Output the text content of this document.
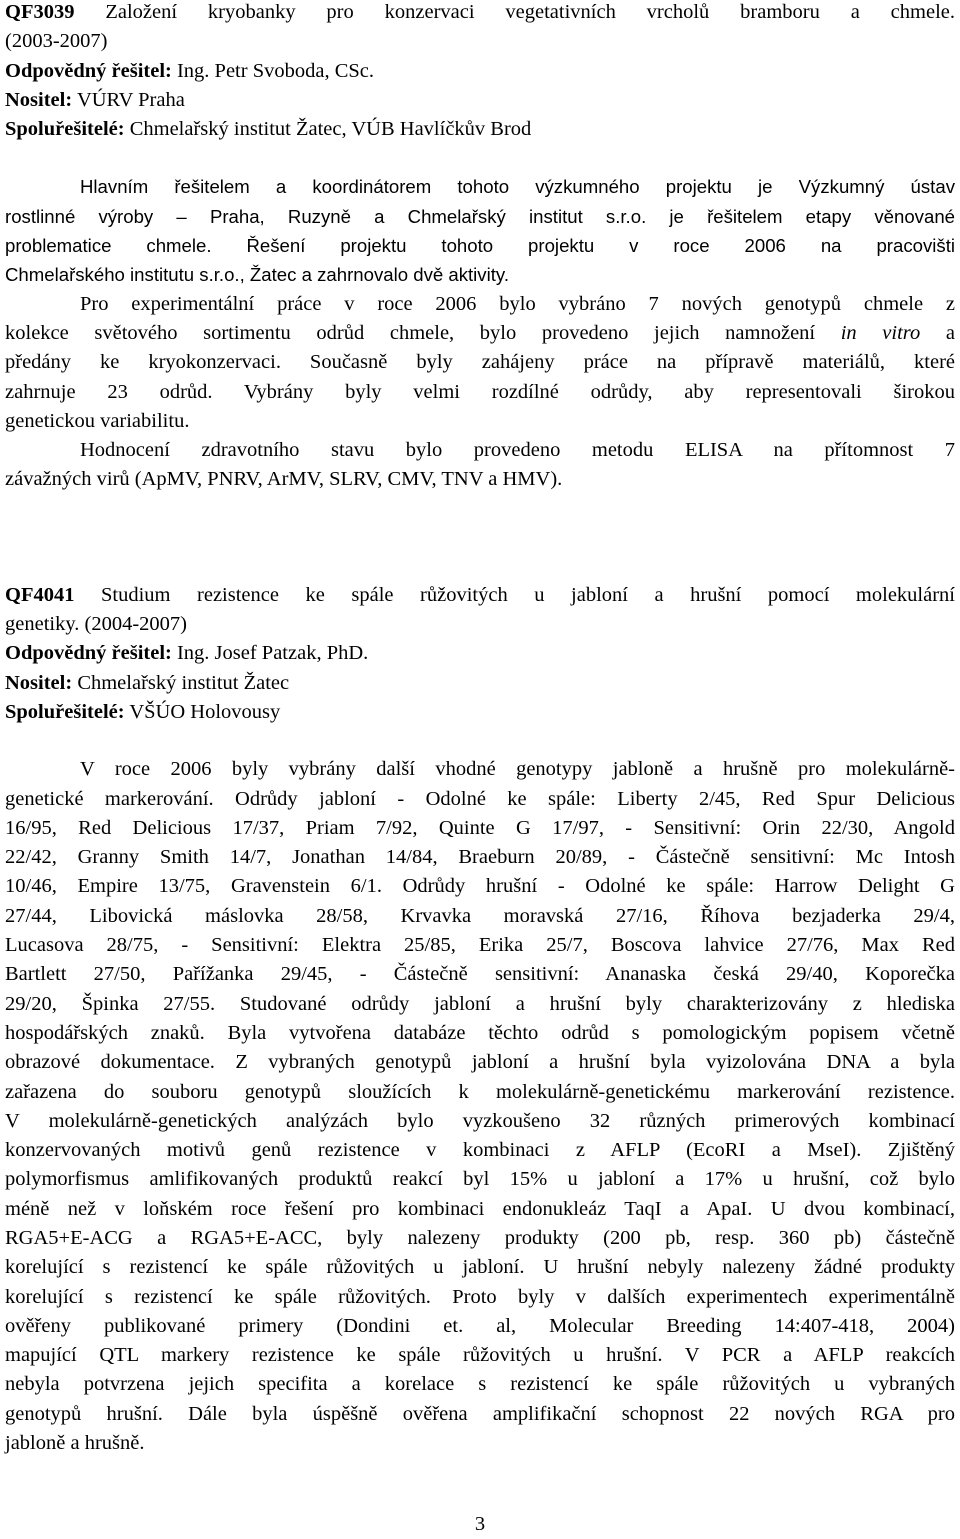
QF3039 Založení kryobanky pro konzervaci vegetativních vrcholů bramboru a chmele.
(2003-2007)
Odpovědný řešitel: Ing. Petr Svoboda, CSc.
Nositel: VÚRV Praha
Spoluřešitelé: Chmelařský institut Žatec, VÚB Havlíčkův Brod
Hlavním řešitelem a koordinátorem tohoto výzkumného projektu je Výzkumný ústav
rostlinné výroby – Praha, Ruzyně a Chmelařský institut s.r.o. je řešitelem etapy věnované
problematice chmele. Řešení projektu tohoto projektu v roce 2006 na pracovišti
Chmelařského institutu s.r.o., Žatec a zahrnovalo dvě aktivity.
Pro experimentální práce v roce 2006 bylo vybráno 7 nových genotypů chmele z
kolekce světového sortimentu odrůd chmele, bylo provedeno jejich namnožení in vitro a
předány ke kryokonzervaci. Současně byly zahájeny práce na přípravě materiálů, které
zahrnuje 23 odrůd. Vybrány byly velmi rozdílné odrůdy, aby representovali širokou
genetickou variabilitu.
Hodnocení zdravotního stavu bylo provedeno metodu ELISA na přítomnost 7
závažných virů (ApMV, PNRV, ArMV, SLRV, CMV, TNV a HMV).
QF4041 Studium rezistence ke spále růžovitých u jabloní a hrušní pomocí molekulární
genetiky. (2004-2007)
Odpovědný řešitel: Ing. Josef Patzak, PhD.
Nositel: Chmelařský institut Žatec
Spoluřešitelé: VŠÚO Holovousy
V roce 2006 byly vybrány další vhodné genotypy jabloně a hrušně pro molekulárně-
genetické markerování. Odrůdy jabloní - Odolné ke spále: Liberty 2/45, Red Spur Delicious
16/95, Red Delicious 17/37, Priam 7/92, Quinte G 17/97, - Sensitivní: Orin 22/30, Angold
22/42, Granny Smith 14/7, Jonathan 14/84, Braeburn 20/89, - Částečně sensitivní: Mc Intosh
10/46, Empire 13/75, Gravenstein 6/1. Odrůdy hrušní - Odolné ke spále: Harrow Delight G
27/44, Libovická máslovka 28/58, Krvavka moravská 27/16, Říhova bezjaderka 29/4,
Lucasova 28/75, - Sensitivní: Elektra 25/85, Erika 25/7, Boscova lahvice 27/76, Max Red
Bartlett 27/50, Pařížanka 29/45, - Částečně sensitivní: Ananaska česká 29/40, Koporečka
29/20, Špinka 27/55. Studované odrůdy jabloní a hrušní byly charakterizovány z hlediska
hospodářských znaků. Byla vytvořena databáze těchto odrůd s pomologickým popisem včetně
obrazové dokumentace. Z vybraných genotypů jabloní a hrušní byla vyizolována DNA a byla
zařazena do souboru genotypů sloužících k molekulárně-genetickému markerování rezistence.
V molekulárně-genetických analýzách bylo vyzkoušeno 32 různých primerových kombinací
konzervovaných motivů genů rezistence v kombinaci z AFLP (EcoRI a MseI). Zjištěný
polymorfismus amlifikovaných produktů reakcí byl 15% u jabloní a 17% u hrušní, což bylo
méně než v loňském roce řešení pro kombinaci endonukleáz TaqI a ApaI. U dvou kombinací,
RGA5+E-ACG a RGA5+E-ACC, byly nalezeny produkty (200 pb, resp. 360 pb) částečně
korelující s rezistencí ke spále růžovitých u jabloní. U hrušní nebyly nalezeny žádné produkty
korelující s rezistencí ke spále růžovitých. Proto byly v dalších experimentech experimentálně
ověřeny publikované primery (Dondini et. al, Molecular Breeding 14:407-418, 2004)
mapující QTL markery rezistence ke spále růžovitých u hrušní. V PCR a AFLP reakcích
nebyla potvrzena jejich specifita a korelace s rezistencí ke spále růžovitých u vybraných
genotypů hrušní. Dále byla úspěšně ověřena amplifikační schopnost 22 nových RGA pro
jabloně a hrušně.
3
